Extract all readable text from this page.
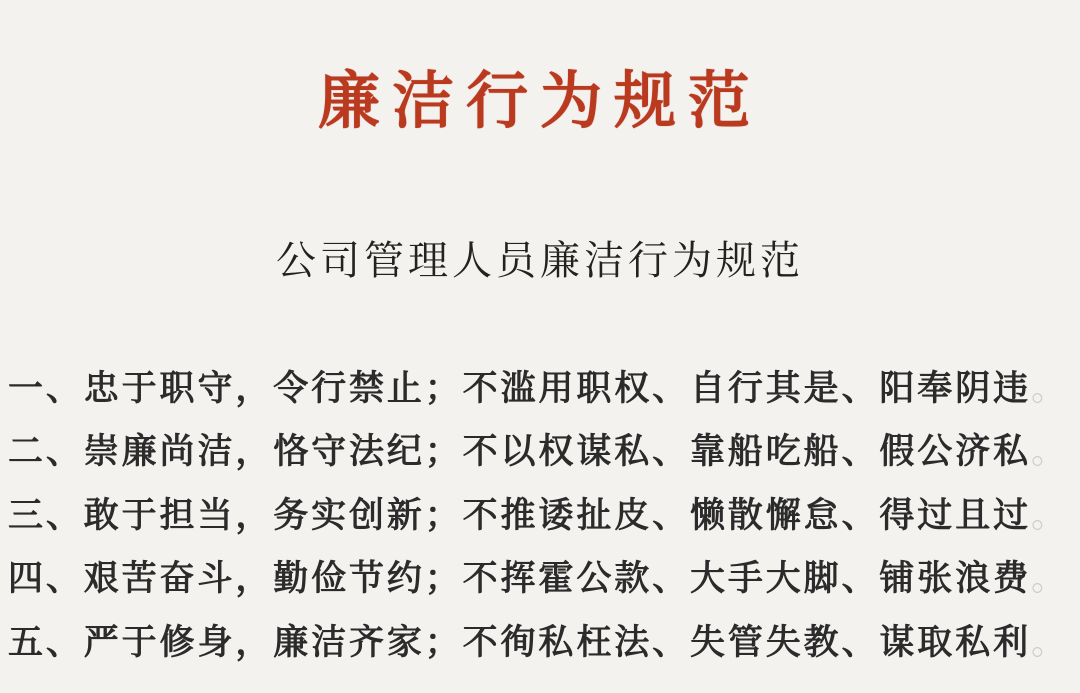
廉洁行为规范
公司管理人员廉洁行为规范
一、忠于职守，令行禁止；不滥用职权、自行其是、阳奉阴违。
二、崇廉尚洁，恪守法纪；不以权谋私、靠船吃船、假公济私。
三、敢于担当，务实创新；不推诿扯皮、懒散懈怠、得过且过。
四、艰苦奋斗，勤俭节约；不挥霍公款、大手大脚、铺张浪费。
五、严于修身，廉洁齐家；不徇私枉法、失管失教、谋取私利。
